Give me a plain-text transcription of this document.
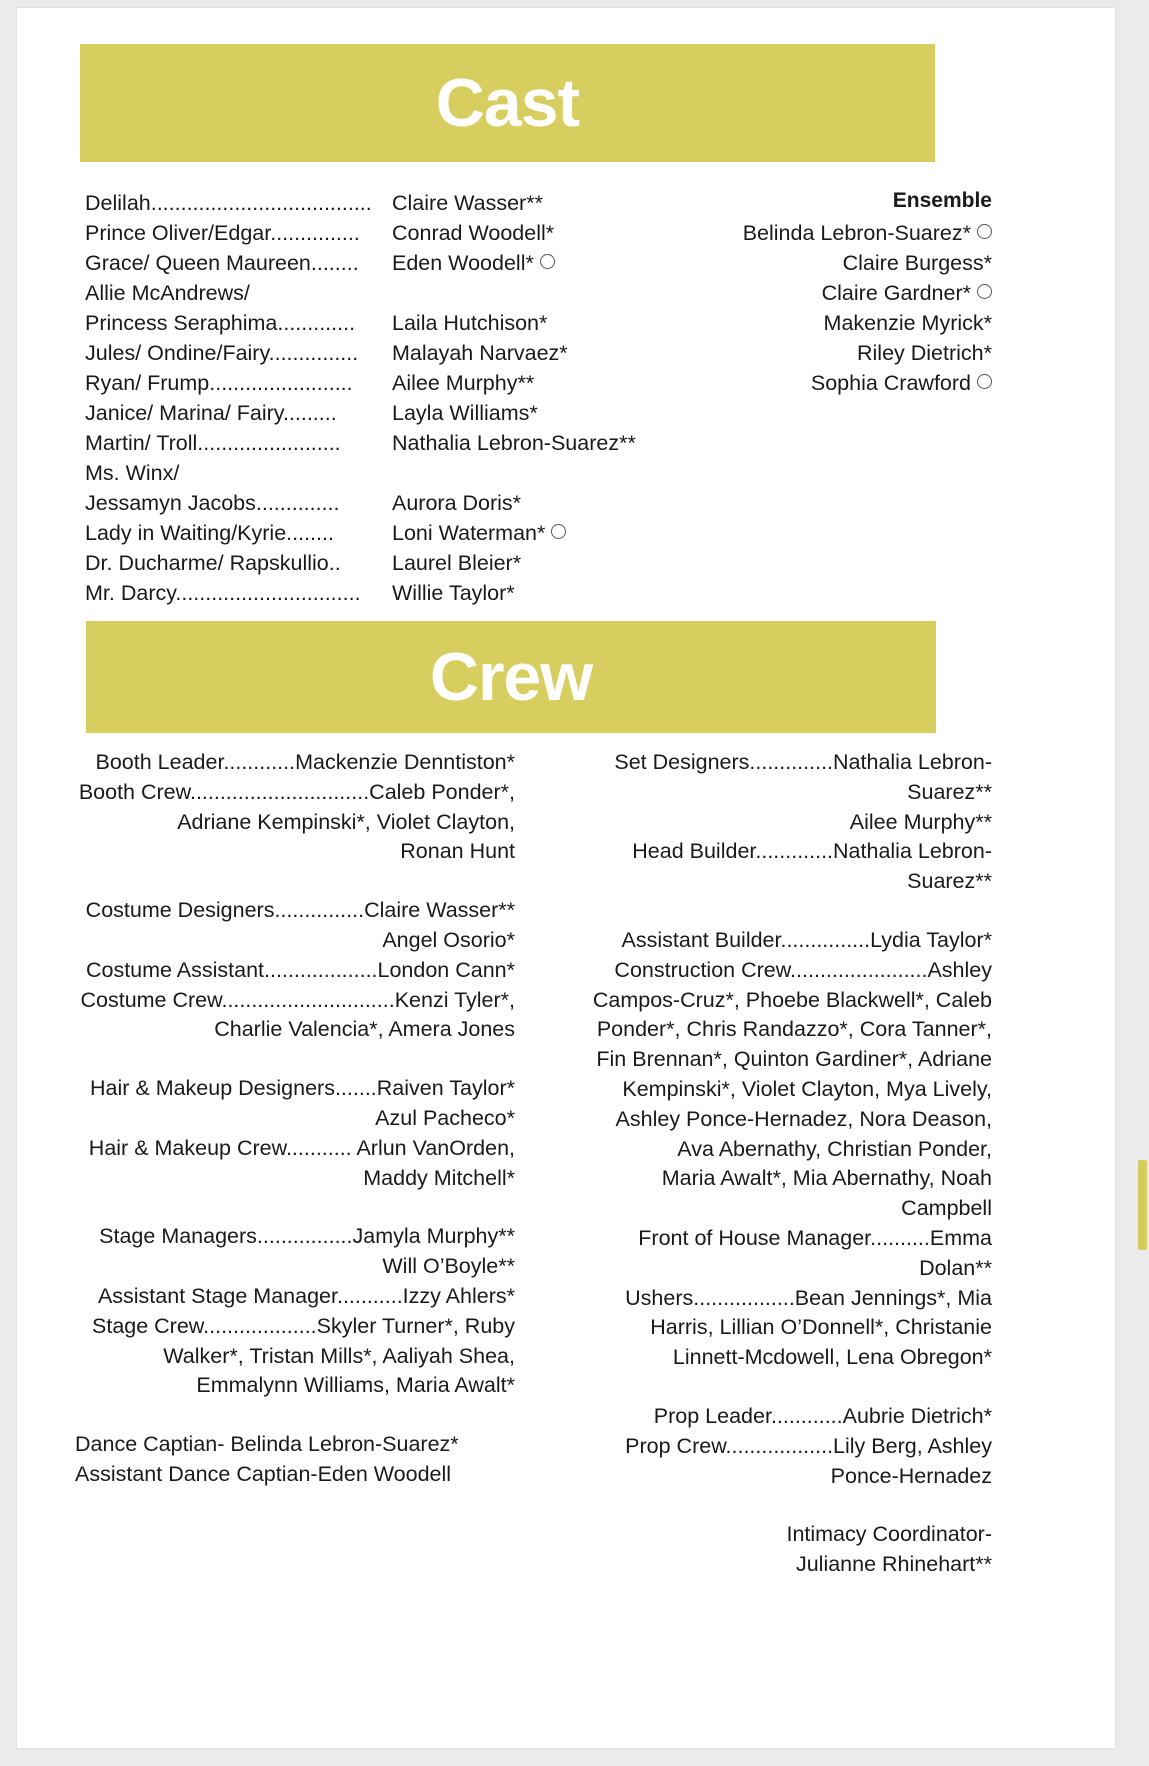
Cast
Delilah.....................................
Prince Oliver/Edgar...............
Grace/ Queen Maureen........
Allie McAndrews/
Princess Seraphima.............
Jules/ Ondine/Fairy...............
Ryan/ Frump........................
Janice/ Marina/ Fairy.........
Martin/ Troll........................
Ms. Winx/
Jessamyn Jacobs..............
Lady in Waiting/Kyrie........
Dr. Ducharme/ Rapskullio..
Mr. Darcy...............................
Claire Wasser**
Conrad Woodell*
Eden Woodell*

Laila Hutchison*
Malayah Narvaez*
Ailee Murphy**
Layla Williams*
Nathalia Lebron-Suarez**

Aurora Doris*
Loni Waterman*
Laurel Bleier*
Willie Taylor*
Ensemble
Belinda Lebron-Suarez*
Claire Burgess*
Claire Gardner*
Makenzie Myrick*
Riley Dietrich*
Sophia Crawford
Crew
Booth Leader............Mackenzie Denntiston*
Booth Crew..............................Caleb Ponder*,
Adriane Kempinski*, Violet Clayton,
Ronan Hunt
Costume Designers...............Claire Wasser**
Angel Osorio*
Costume Assistant...................London Cann*
Costume Crew.............................Kenzi Tyler*,
Charlie Valencia*, Amera Jones
Hair & Makeup Designers.......Raiven Taylor*
Azul Pacheco*
Hair & Makeup Crew........... Arlun VanOrden,
Maddy Mitchell*
Stage Managers................Jamyla Murphy**
Will O’Boyle**
Assistant Stage Manager...........Izzy Ahlers*
Stage Crew...................Skyler Turner*, Ruby
Walker*, Tristan Mills*, Aaliyah Shea,
Emmalynn Williams, Maria Awalt*
Dance Captian- Belinda Lebron-Suarez*
Assistant Dance Captian-Eden Woodell
Set Designers..............Nathalia Lebron-
Suarez**
Ailee Murphy**
Head Builder.............Nathalia Lebron-
Suarez**
Assistant Builder...............Lydia Taylor*
Construction Crew.......................Ashley
Campos-Cruz*, Phoebe Blackwell*, Caleb
Ponder*, Chris Randazzo*, Cora Tanner*,
Fin Brennan*, Quinton Gardiner*, Adriane
Kempinski*, Violet Clayton, Mya Lively,
Ashley Ponce-Hernadez, Nora Deason,
Ava Abernathy, Christian Ponder,
Maria Awalt*, Mia Abernathy, Noah
Campbell
Front of House Manager..........Emma
Dolan**
Ushers.................Bean Jennings*, Mia
Harris, Lillian O’Donnell*, Christanie
Linnett-Mcdowell, Lena Obregon*
Prop Leader............Aubrie Dietrich*
Prop Crew..................Lily Berg, Ashley
Ponce-Hernadez
Intimacy Coordinator-
Julianne Rhinehart**
